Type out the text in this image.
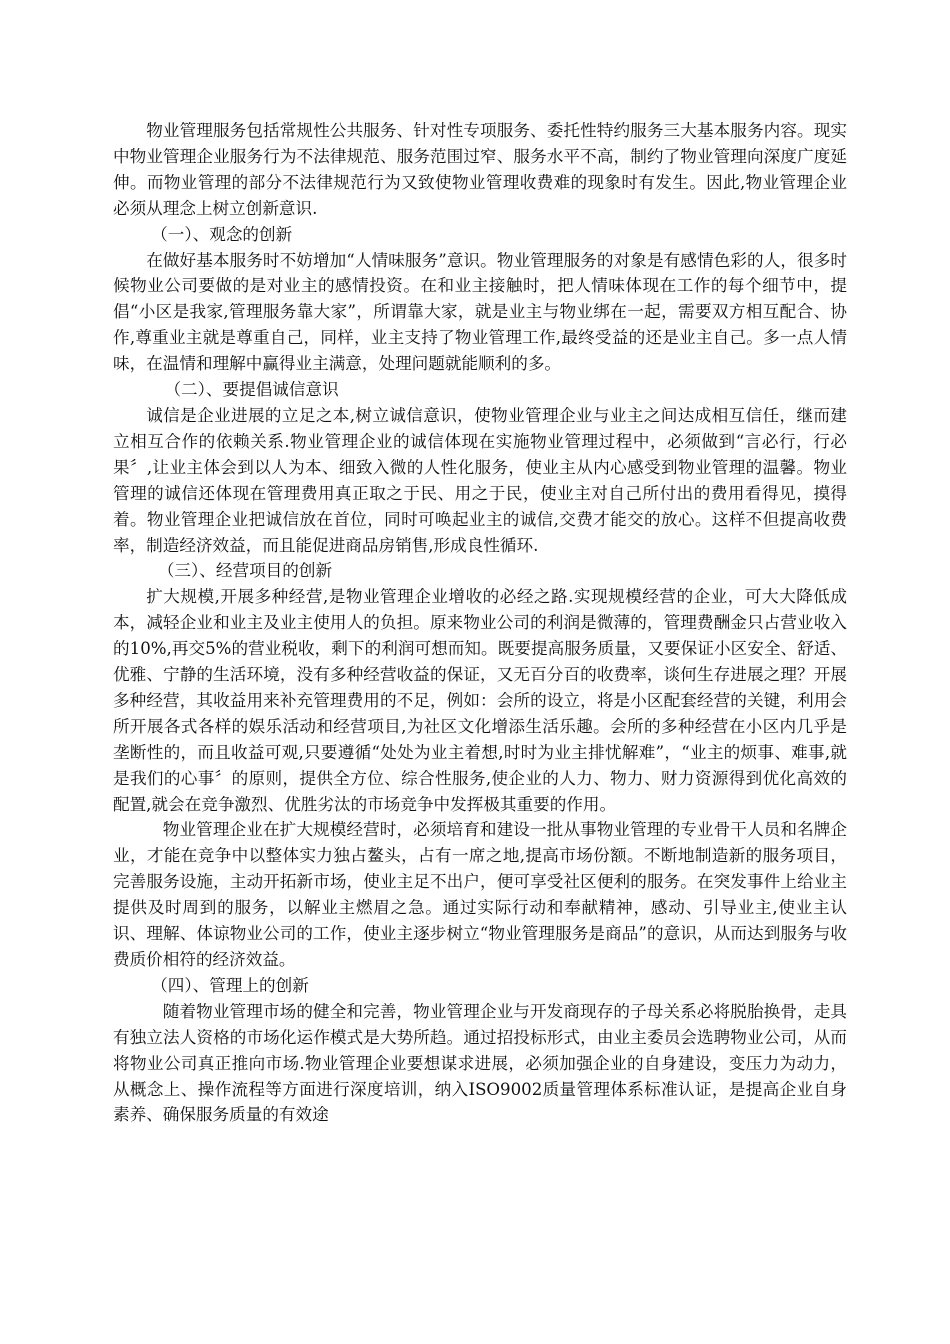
物业管理服务包括常规性公共服务、针对性专项服务、委托性特约服务三大基本服务内容。现实中物业管理企业服务行为不法律规范、服务范围过窄、服务水平不高，制约了物业管理向深度广度延伸。而物业管理的部分不法律规范行为又致使物业管理收费难的现象时有发生。因此,物业管理企业必须从理念上树立创新意识.

（一）、观念的创新

在做好基本服务时不妨增加“人情味服务”意识。物业管理服务的对象是有感情色彩的人，很多时候物业公司要做的是对业主的感情投资。在和业主接触时，把人情味体现在工作的每个细节中，提倡“小区是我家,管理服务靠大家”，所谓靠大家，就是业主与物业绑在一起，需要双方相互配合、协作,尊重业主就是尊重自己，同样，业主支持了物业管理工作,最终受益的还是业主自己。多一点人情味，在温情和理解中赢得业主满意，处理问题就能顺利的多。

（二）、要提倡诚信意识

诚信是企业进展的立足之本,树立诚信意识，使物业管理企业与业主之间达成相互信任，继而建立相互合作的依赖关系.物业管理企业的诚信体现在实施物业管理过程中，必须做到“言必行，行必果〞,让业主体会到以人为本、细致入微的人性化服务，使业主从内心感受到物业管理的温馨。物业管理的诚信还体现在管理费用真正取之于民、用之于民，使业主对自己所付出的费用看得见，摸得着。物业管理企业把诚信放在首位，同时可唤起业主的诚信,交费才能交的放心。这样不但提高收费率，制造经济效益，而且能促进商品房销售,形成良性循环.

（三）、经营项目的创新

扩大规模,开展多种经营,是物业管理企业增收的必经之路.实现规模经营的企业，可大大降低成本，减轻企业和业主及业主使用人的负担。原来物业公司的利润是微薄的，管理费酬金只占营业收入的10%,再交5%的营业税收，剩下的利润可想而知。既要提高服务质量，又要保证小区安全、舒适、优雅、宁静的生活环境，没有多种经营收益的保证，又无百分百的收费率，谈何生存进展之理？开展多种经营，其收益用来补充管理费用的不足，例如：会所的设立，将是小区配套经营的关键，利用会所开展各式各样的娱乐活动和经营项目,为社区文化增添生活乐趣。会所的多种经营在小区内几乎是垄断性的，而且收益可观,只要遵循“处处为业主着想,时时为业主排忧解难”，“业主的烦事、难事,就是我们的心事〞的原则，提供全方位、综合性服务,使企业的人力、物力、财力资源得到优化高效的配置,就会在竞争激烈、优胜劣汰的市场竞争中发挥极其重要的作用。

物业管理企业在扩大规模经营时，必须培育和建设一批从事物业管理的专业骨干人员和名牌企业，才能在竞争中以整体实力独占鳌头，占有一席之地,提高市场份额。不断地制造新的服务项目，完善服务设施，主动开拓新市场，使业主足不出户，便可享受社区便利的服务。在突发事件上给业主提供及时周到的服务，以解业主燃眉之急。通过实际行动和奉献精神，感动、引导业主,使业主认识、理解、体谅物业公司的工作，使业主逐步树立“物业管理服务是商品”的意识，从而达到服务与收费质价相符的经济效益。

（四）、管理上的创新

随着物业管理市场的健全和完善，物业管理企业与开发商现存的子母关系必将脱胎换骨，走具有独立法人资格的市场化运作模式是大势所趋。通过招投标形式，由业主委员会选聘物业公司，从而将物业公司真正推向市场.物业管理企业要想谋求进展，必须加强企业的自身建设，变压力为动力，从概念上、操作流程等方面进行深度培训，纳入ISO9002质量管理体系标准认证，是提高企业自身素养、确保服务质量的有效途
